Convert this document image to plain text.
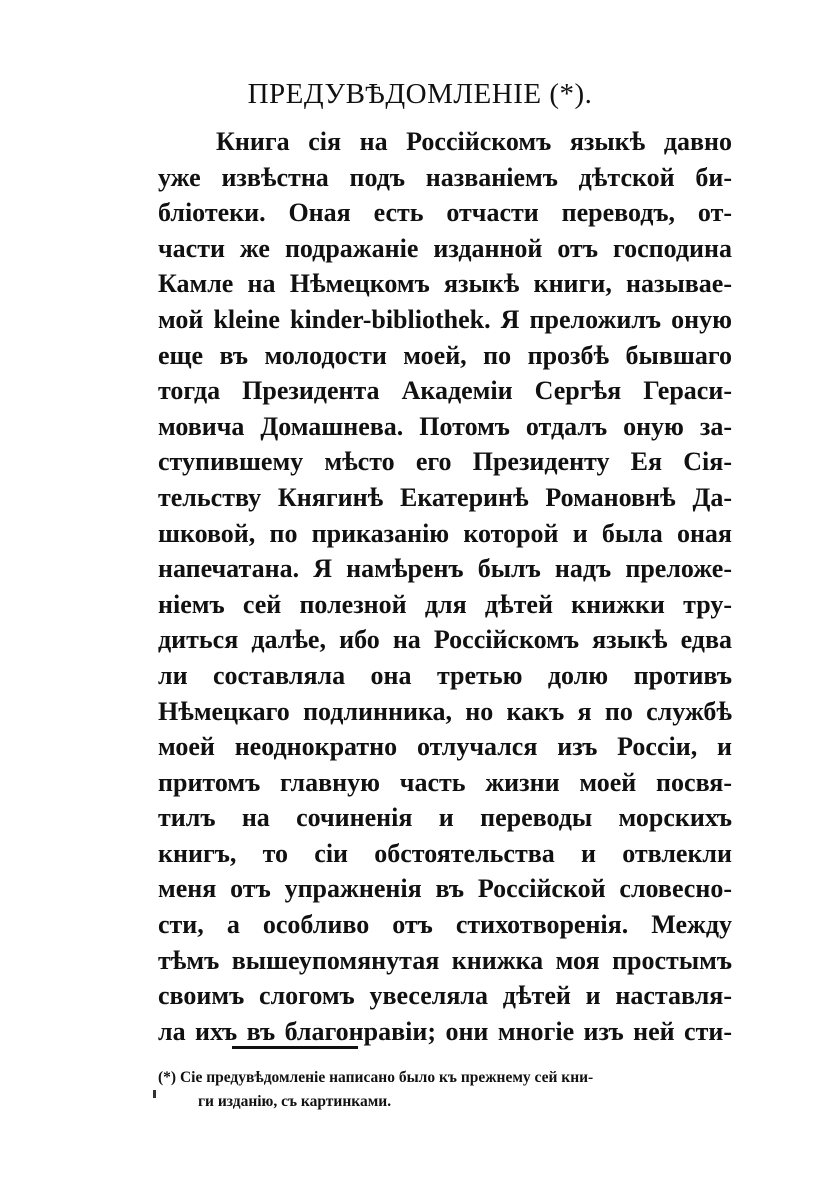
ПРЕДУВѢДОМЛЕНIЕ (*).
Книга сiя на Россiйскомъ языкѣ давно
уже извѣстна подъ названiемъ дѣтской би-
блiотеки. Оная есть отчасти переводъ, от-
части же подражанiе изданной отъ господина
Камле на Нѣмецкомъ языкѣ книги, называе-
мой kleine kinder-bibliothek. Я преложилъ оную
еще въ молодости моей, по прозбѣ бывшаго
тогда Президента Академiи Сергѣя Гераси-
мовича Домашнева. Потомъ отдалъ оную за-
ступившему мѣсто его Президенту Ея Сiя-
тельству Княгинѣ Екатеринѣ Романовнѣ Да-
шковой, по приказанiю которой и была оная
напечатана. Я намѣренъ былъ надъ преложе-
нiемъ сей полезной для дѣтей книжки тру-
диться далѣе, ибо на Россiйскомъ языкѣ едва
ли составляла она третью долю противъ
Нѣмецкаго подлинника, но какъ я по службѣ
моей неоднократно отлучался изъ Россiи, и
притомъ главную часть жизни моей посвя-
тилъ на сочиненiя и переводы морскихъ
книгъ, то сiи обстоятельства и отвлекли
меня отъ упражненiя въ Россiйской словесно-
сти, а особливо отъ стихотворенiя. Между
тѣмъ вышеупомянутая книжка моя простымъ
своимъ слогомъ увеселяла дѣтей и наставля-
ла ихъ въ благонравiи; они многiе изъ ней сти-
(*) Сiе предувѣдомленiе написано было къ прежнему сей кни-
ги изданiю, съ картинками.
